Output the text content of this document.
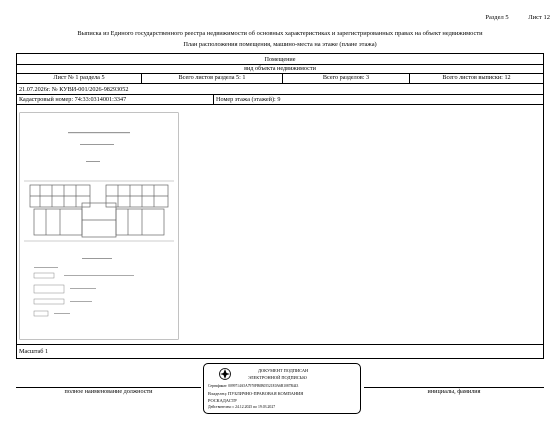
Раздел 5	Лист 12
Выписка из Единого государственного реестра недвижимости об основных характеристиках и зарегистрированных правах на объект недвижимости
План расположения помещения, машино-места на этаже (плане этажа)
Помещение
вид объекта недвижимости
Лист № 1 раздела 5	Всего листов раздела 5: 1	Всего разделов: 3	Всего листов выписки: 12
21.07.2026г. № КУВИ-001/2026-98293052
Кадастровый номер: 74:33:0314001:3347	Номер этажа (этажей): 9
Масштаб 1
полное наименование должности	инициалы, фамилия
ДОКУМЕНТ ПОДПИСАН
ЭЛЕКТРОННОЙ ПОДПИСЬЮ
Сертификат: 0099714A5A7970FB0B05521E0A6B1087B443
Владелец: ПУБЛИЧНО-ПРАВОВАЯ КОМПАНИЯ
РОСКАДАСТР
Действителен: с 24.12.2025 по 19.03.2027
